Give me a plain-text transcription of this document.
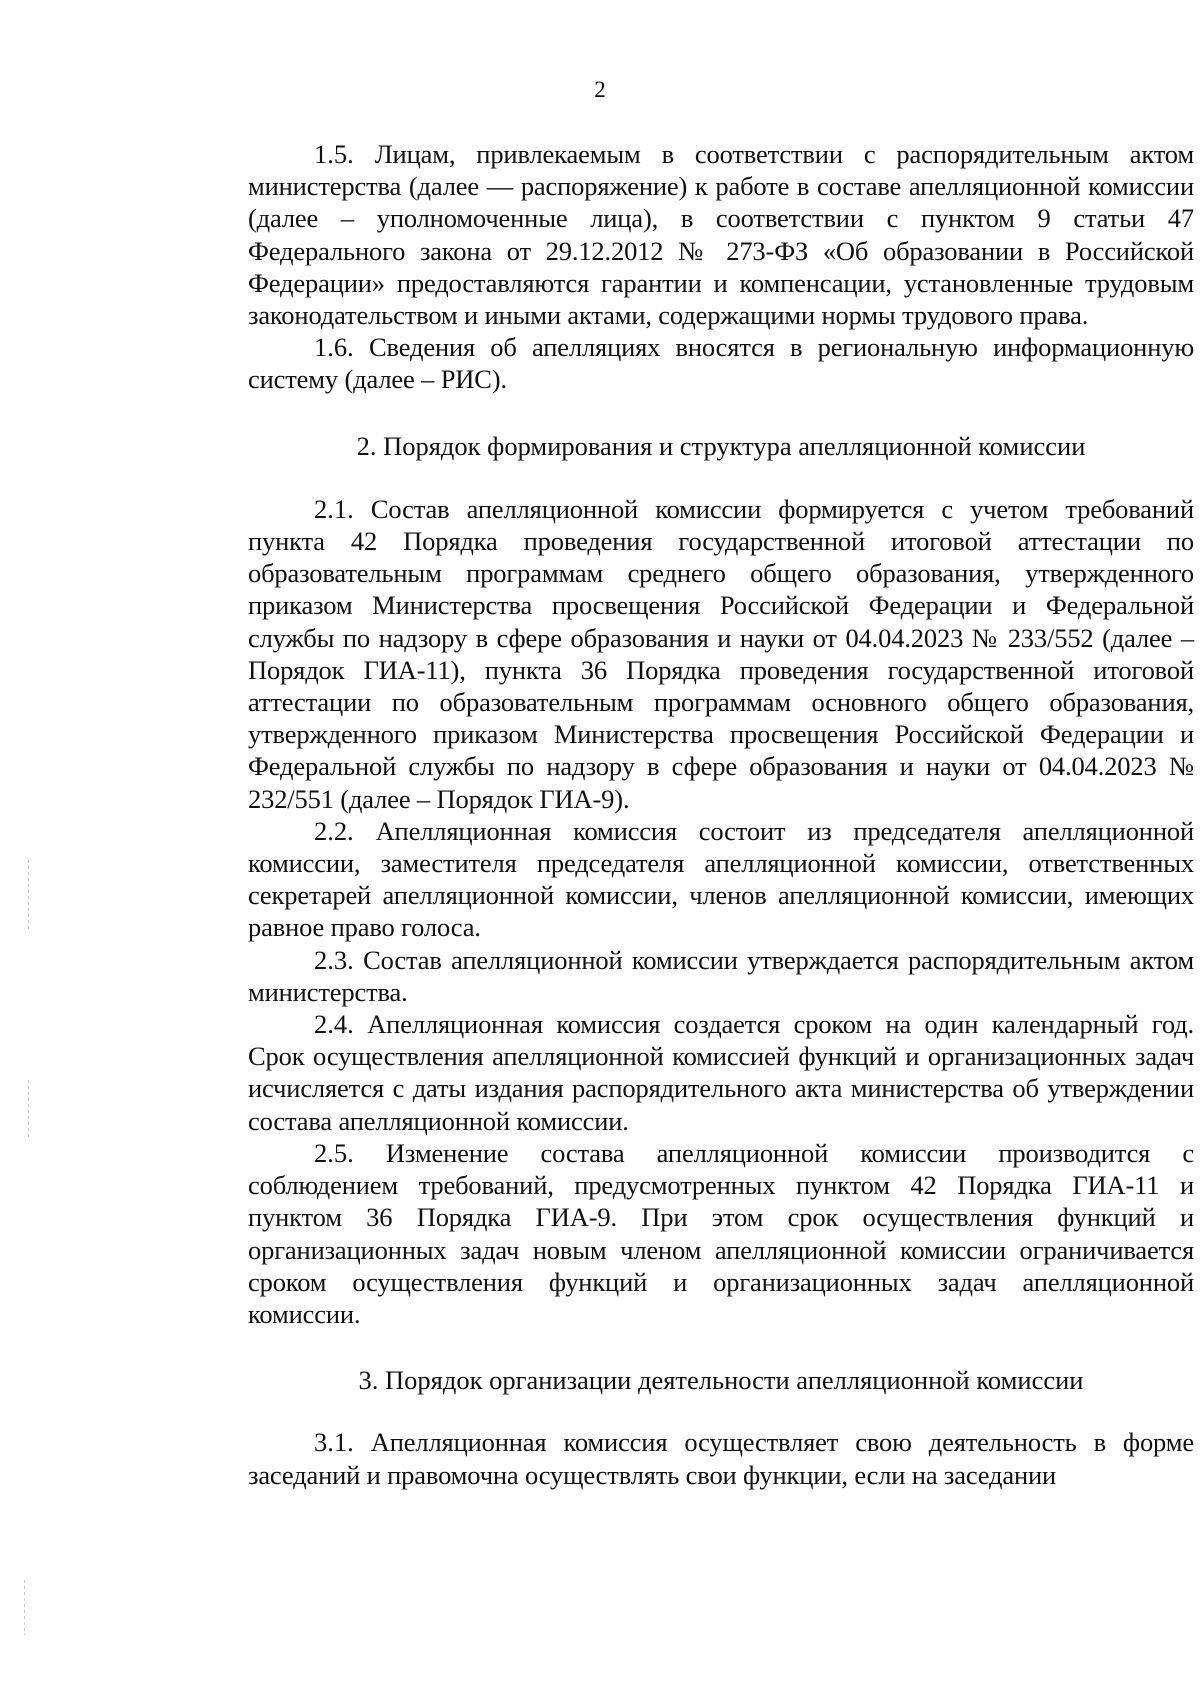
2

1.5. Лицам, привлекаемым в соответствии с распорядительным актом министерства (далее — распоряжение) к работе в составе апелляционной комиссии (далее – уполномоченные лица), в соответствии с пунктом 9 статьи 47 Федерального закона от 29.12.2012 № 273-ФЗ «Об образовании в Российской Федерации» предоставляются гарантии и компенсации, установленные трудовым законодательством и иными актами, содержащими нормы трудового права.

1.6. Сведения об апелляциях вносятся в региональную информационную систему (далее – РИС).

2. Порядок формирования и структура апелляционной комиссии

2.1. Состав апелляционной комиссии формируется с учетом требований пункта 42 Порядка проведения государственной итоговой аттестации по образовательным программам среднего общего образования, утвержденного приказом Министерства просвещения Российской Федерации и Федеральной службы по надзору в сфере образования и науки от 04.04.2023 № 233/552 (далее – Порядок ГИА-11), пункта 36 Порядка проведения государственной итоговой аттестации по образовательным программам основного общего образования, утвержденного приказом Министерства просвещения Российской Федерации и Федеральной службы по надзору в сфере образования и науки от 04.04.2023 № 232/551 (далее – Порядок ГИА-9).

2.2. Апелляционная комиссия состоит из председателя апелляционной комиссии, заместителя председателя апелляционной комиссии, ответственных секретарей апелляционной комиссии, членов апелляционной комиссии, имеющих равное право голоса.

2.3. Состав апелляционной комиссии утверждается распорядительным актом министерства.

2.4. Апелляционная комиссия создается сроком на один календарный год. Срок осуществления апелляционной комиссией функций и организационных задач исчисляется с даты издания распорядительного акта министерства об утверждении состава апелляционной комиссии.

2.5. Изменение состава апелляционной комиссии производится с соблюдением требований, предусмотренных пунктом 42 Порядка ГИА-11 и пунктом 36 Порядка ГИА-9. При этом срок осуществления функций и организационных задач новым членом апелляционной комиссии ограничивается сроком осуществления функций и организационных задач апелляционной комиссии.

3. Порядок организации деятельности апелляционной комиссии

3.1. Апелляционная комиссия осуществляет свою деятельность в форме заседаний и правомочна осуществлять свои функции, если на заседании
